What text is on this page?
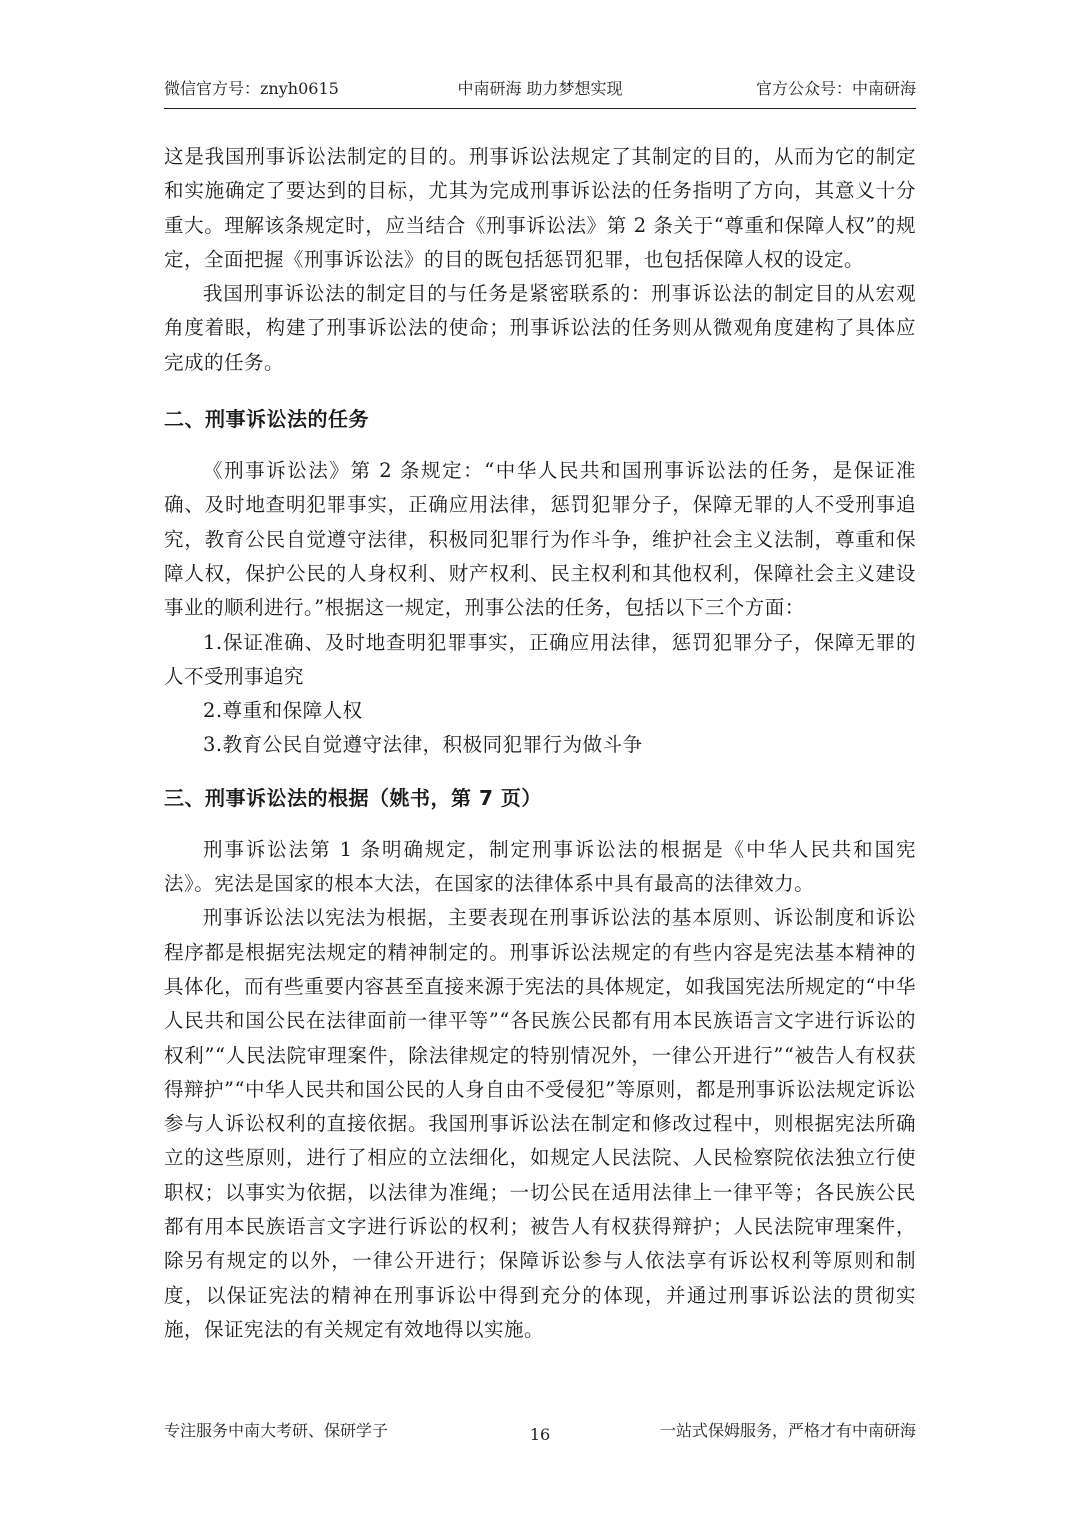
微信官方号：znyh0615	中南研海 助力梦想实现	官方公众号：中南研海

这是我国刑事诉讼法制定的目的。刑事诉讼法规定了其制定的目的，从而为它的制定和实施确定了要达到的目标，尤其为完成刑事诉讼法的任务指明了方向，其意义十分重大。理解该条规定时，应当结合《刑事诉讼法》第 2 条关于“尊重和保障人权”的规定，全面把握《刑事诉讼法》的目的既包括惩罚犯罪，也包括保障人权的设定。

我国刑事诉讼法的制定目的与任务是紧密联系的：刑事诉讼法的制定目的从宏观角度着眼，构建了刑事诉讼法的使命；刑事诉讼法的任务则从微观角度建构了具体应完成的任务。

二、刑事诉讼法的任务

《刑事诉讼法》第 2 条规定：“中华人民共和国刑事诉讼法的任务，是保证准确、及时地查明犯罪事实，正确应用法律，惩罚犯罪分子，保障无罪的人不受刑事追究，教育公民自觉遵守法律，积极同犯罪行为作斗争，维护社会主义法制，尊重和保障人权，保护公民的人身权利、财产权利、民主权利和其他权利，保障社会主义建设事业的顺利进行。”根据这一规定，刑事公法的任务，包括以下三个方面：

1.保证准确、及时地查明犯罪事实，正确应用法律，惩罚犯罪分子，保障无罪的人不受刑事追究

2.尊重和保障人权

3.教育公民自觉遵守法律，积极同犯罪行为做斗争

三、刑事诉讼法的根据（姚书，第 7 页）

刑事诉讼法第 1 条明确规定，制定刑事诉讼法的根据是《中华人民共和国宪法》。宪法是国家的根本大法，在国家的法律体系中具有最高的法律效力。

刑事诉讼法以宪法为根据，主要表现在刑事诉讼法的基本原则、诉讼制度和诉讼程序都是根据宪法规定的精神制定的。刑事诉讼法规定的有些内容是宪法基本精神的具体化，而有些重要内容甚至直接来源于宪法的具体规定，如我国宪法所规定的“中华人民共和国公民在法律面前一律平等”“各民族公民都有用本民族语言文字进行诉讼的权利”“人民法院审理案件，除法律规定的特别情况外，一律公开进行”“被告人有权获得辩护”“中华人民共和国公民的人身自由不受侵犯”等原则，都是刑事诉讼法规定诉讼参与人诉讼权利的直接依据。我国刑事诉讼法在制定和修改过程中，则根据宪法所确立的这些原则，进行了相应的立法细化，如规定人民法院、人民检察院依法独立行使职权；以事实为依据，以法律为准绳；一切公民在适用法律上一律平等；各民族公民都有用本民族语言文字进行诉讼的权利；被告人有权获得辩护；人民法院审理案件，除另有规定的以外，一律公开进行；保障诉讼参与人依法享有诉讼权利等原则和制度，以保证宪法的精神在刑事诉讼中得到充分的体现，并通过刑事诉讼法的贯彻实施，保证宪法的有关规定有效地得以实施。

专注服务中南大考研、保研学子	16	一站式保姆服务，严格才有中南研海
